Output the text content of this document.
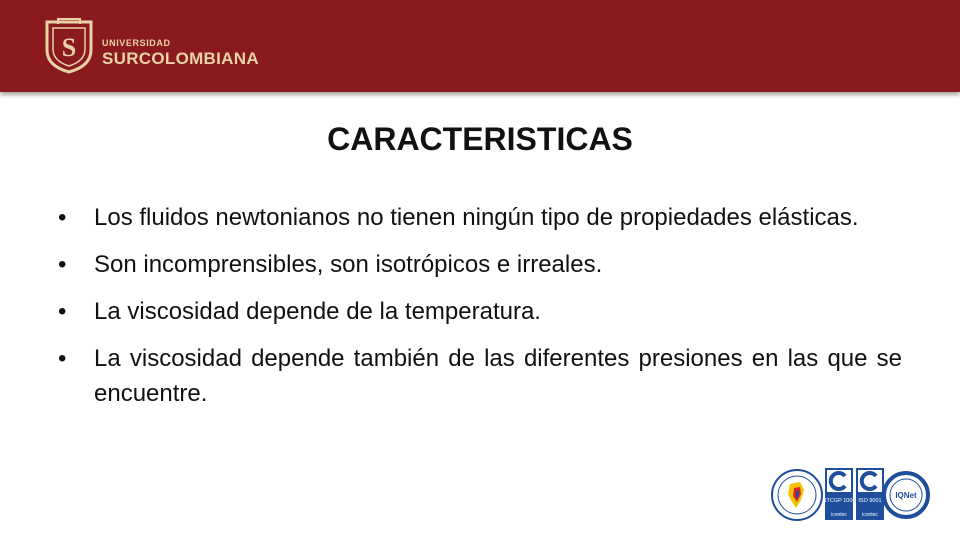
S	UNIVERSIDAD
SURCOLOMBIANA
CARACTERISTICAS
• Los fluidos newtonianos no tienen ningún tipo de propiedades elásticas.
• Son incomprensibles, son isotrópicos e irreales.
• La viscosidad depende de la temperatura.
• La viscosidad depende también de las diferentes presiones en las que se encuentre.
NTCGP 1000
icontec
ISO 9001
icontec
IQNet
